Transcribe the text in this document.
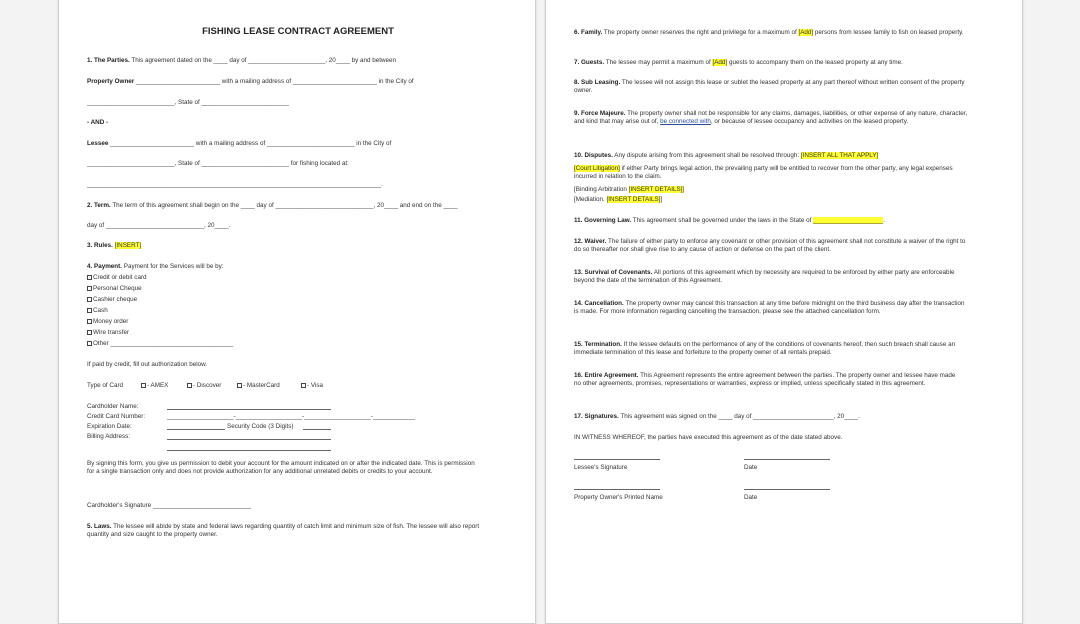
FISHING LEASE CONTRACT AGREEMENT
1. The Parties. This agreement dated on the ____ day of ______________________, 20____ by and between
Property Owner ________________________ with a mailing address of ________________________ in the City of
_________________________, State of _________________________
- AND -
Lessee ________________________ with a mailing address of _________________________ in the City of
_________________________, State of _________________________ for fishing located at:
____________________________________________________________________________________.
2. Term. The term of this agreement shall begin on the ____ day of ____________________________, 20____ and end on the ____
day of ____________________________, 20____.
3. Rules. [INSERT]
4. Payment. Payment for the Services will be by:
Credit or debit card
Personal Cheque
Cashier cheque
Cash
Money order
Wire transfer
Other ___________________________________
If paid by credit, fill out authorization below.
Type of Card	- AMEX	- Discover	- MasterCard	- Visa
Cardholder Name:
Credit Card Number:	___________________-___________________-___________________-____________
Expiration Date:	Security Code (3 Digits)
Billing Address:
By signing this form, you give us permission to debit your account for the amount indicated on or after the indicated date. This is permission for a single transaction only and does not provide authorization for any additional unrelated debits or credits to your account.
Cardholder's Signature ____________________________
5. Laws. The lessee will abide by state and federal laws regarding quantity of catch limit and minimum size of fish. The lessee will also report quantity and size caught to the property owner.
6. Family. The property owner reserves the right and privilege for a maximum of [Add] persons from lessee family to fish on leased property.
7. Guests. The lessee may permit a maximum of [Add] guests to accompany them on the leased property at any time.
8. Sub Leasing. The lessee will not assign this lease or sublet the leased property at any part thereof without written consent of the property owner.
9. Force Majeure. The property owner shall not be responsible for any claims, damages, liabilities, or other expense of any nature, character, and kind that may arise out of, be connected with, or because of lessee occupancy and activities on the leased property.
10. Disputes. Any dispute arising from this agreement shall be resolved through: [INSERT ALL THAT APPLY]
[Court Litigation] if either Party brings legal action, the prevailing party will be entitled to recover from the other party, any legal expenses incurred in relation to the claim.
[Binding Arbitration [INSERT DETAILS]]
[Mediation. [INSERT DETAILS]]
11. Governing Law. This agreement shall be governed under the laws in the State of ____________________.
12. Waiver. The failure of either party to enforce any covenant or other provision of this agreement shall not constitute a waiver of the right to do so thereafter nor shall give rise to any cause of action or defense on the part of the client.
13. Survival of Covenants. All portions of this agreement which by necessity are required to be enforced by either party are enforceable beyond the date of the termination of this Agreement.
14. Cancellation. The property owner may cancel this transaction at any time before midnight on the third business day after the transaction is made. For more information regarding cancelling the transaction, please see the attached cancellation form.
15. Termination. If the lessee defaults on the performance of any of the conditions of covenants hereof, then such breach shall cause an immediate termination of this lease and forfeiture to the property owner of all rentals prepaid.
16. Entire Agreement. This Agreement represents the entire agreement between the parties. The property owner and lessee have made no other agreements, promises, representations or warranties, express or implied, unless specifically stated in this agreement.
17. Signatures. This agreement was signed on the ____ day of _______________________, 20____.
IN WITNESS WHEREOF, the parties have executed this agreement as of the date stated above.
Lessee's Signature	Date
Property Owner's Printed Name	Date
